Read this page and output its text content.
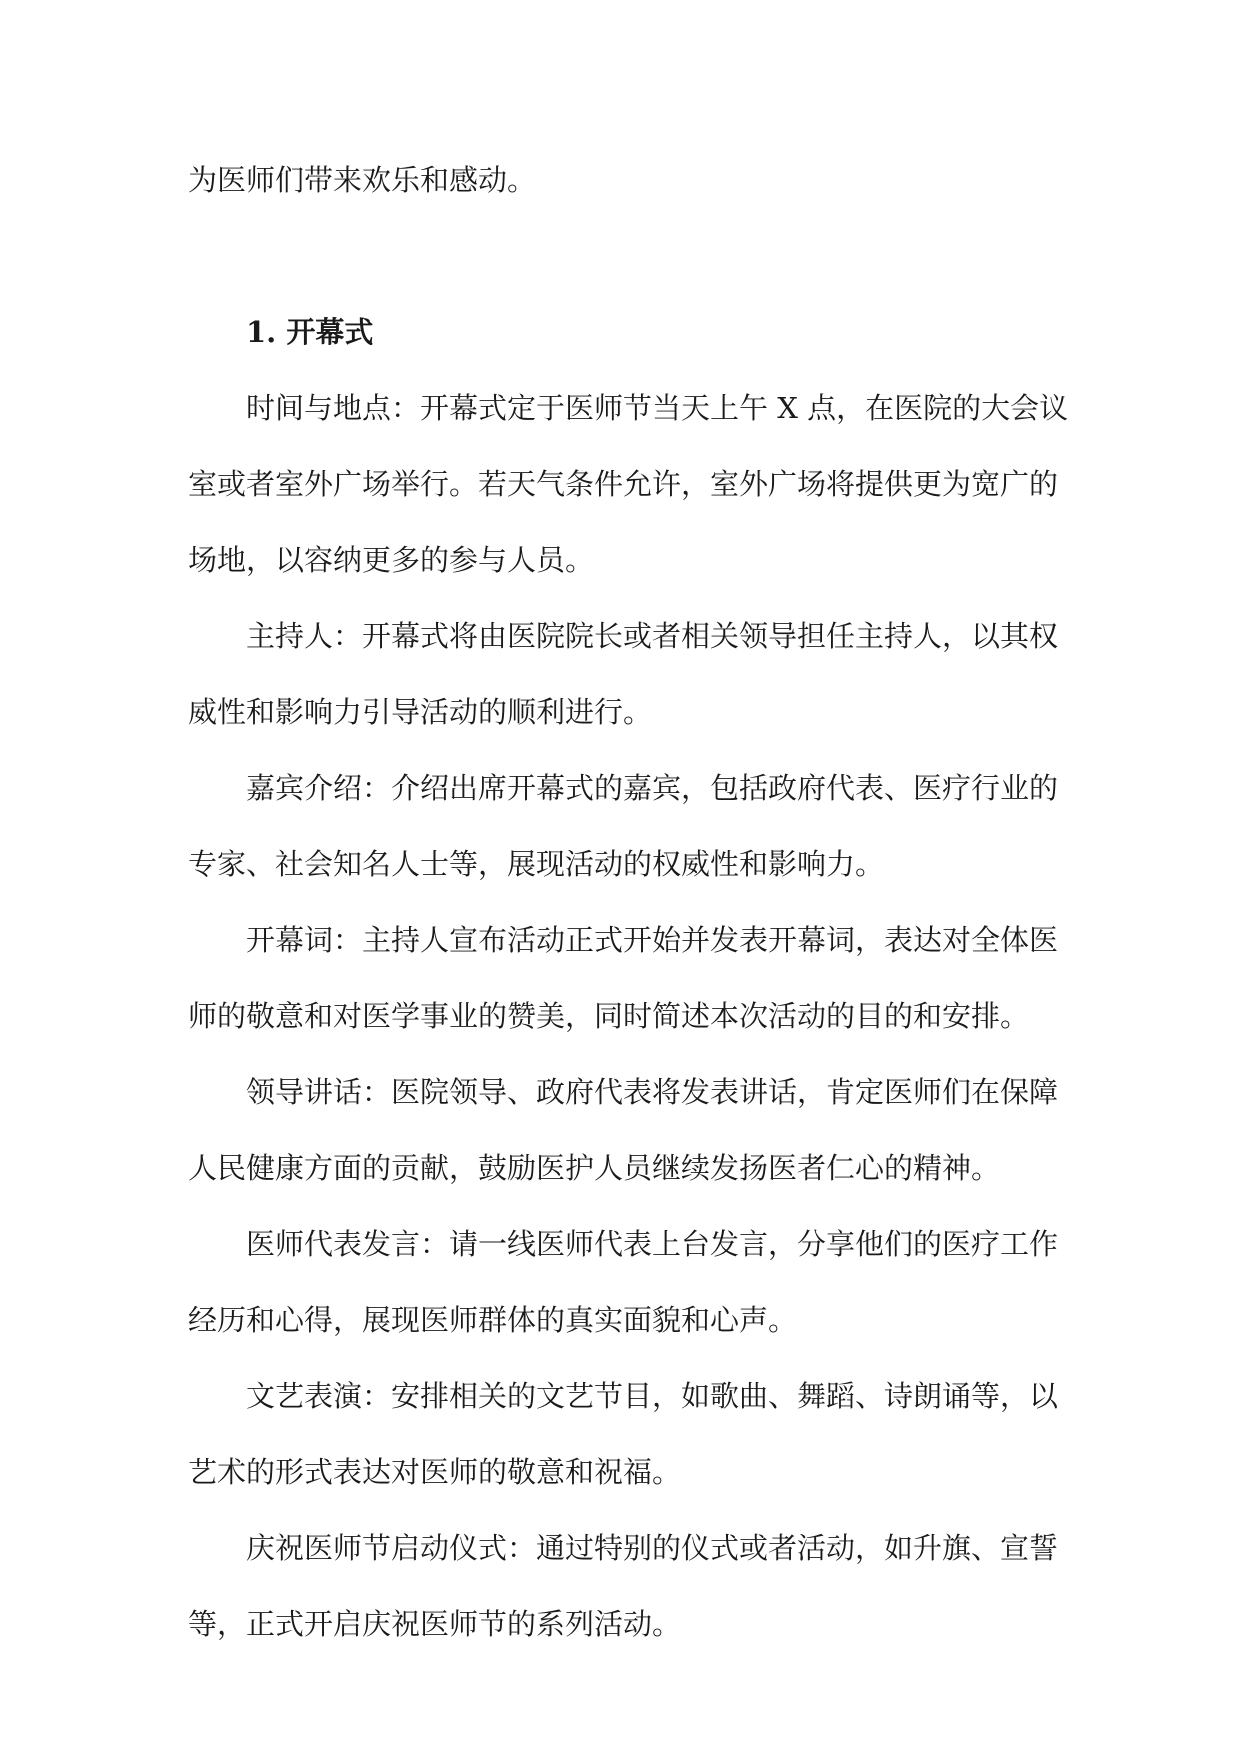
为医师们带来欢乐和感动。

1. 开幕式

时间与地点：开幕式定于医师节当天上午 X 点，在医院的大会议

室或者室外广场举行。若天气条件允许，室外广场将提供更为宽广的

场地，以容纳更多的参与人员。

主持人：开幕式将由医院院长或者相关领导担任主持人，以其权

威性和影响力引导活动的顺利进行。

嘉宾介绍：介绍出席开幕式的嘉宾，包括政府代表、医疗行业的

专家、社会知名人士等，展现活动的权威性和影响力。

开幕词：主持人宣布活动正式开始并发表开幕词，表达对全体医

师的敬意和对医学事业的赞美，同时简述本次活动的目的和安排。

领导讲话：医院领导、政府代表将发表讲话，肯定医师们在保障

人民健康方面的贡献，鼓励医护人员继续发扬医者仁心的精神。

医师代表发言：请一线医师代表上台发言，分享他们的医疗工作

经历和心得，展现医师群体的真实面貌和心声。

文艺表演：安排相关的文艺节目，如歌曲、舞蹈、诗朗诵等，以

艺术的形式表达对医师的敬意和祝福。

庆祝医师节启动仪式：通过特别的仪式或者活动，如升旗、宣誓

等，正式开启庆祝医师节的系列活动。
